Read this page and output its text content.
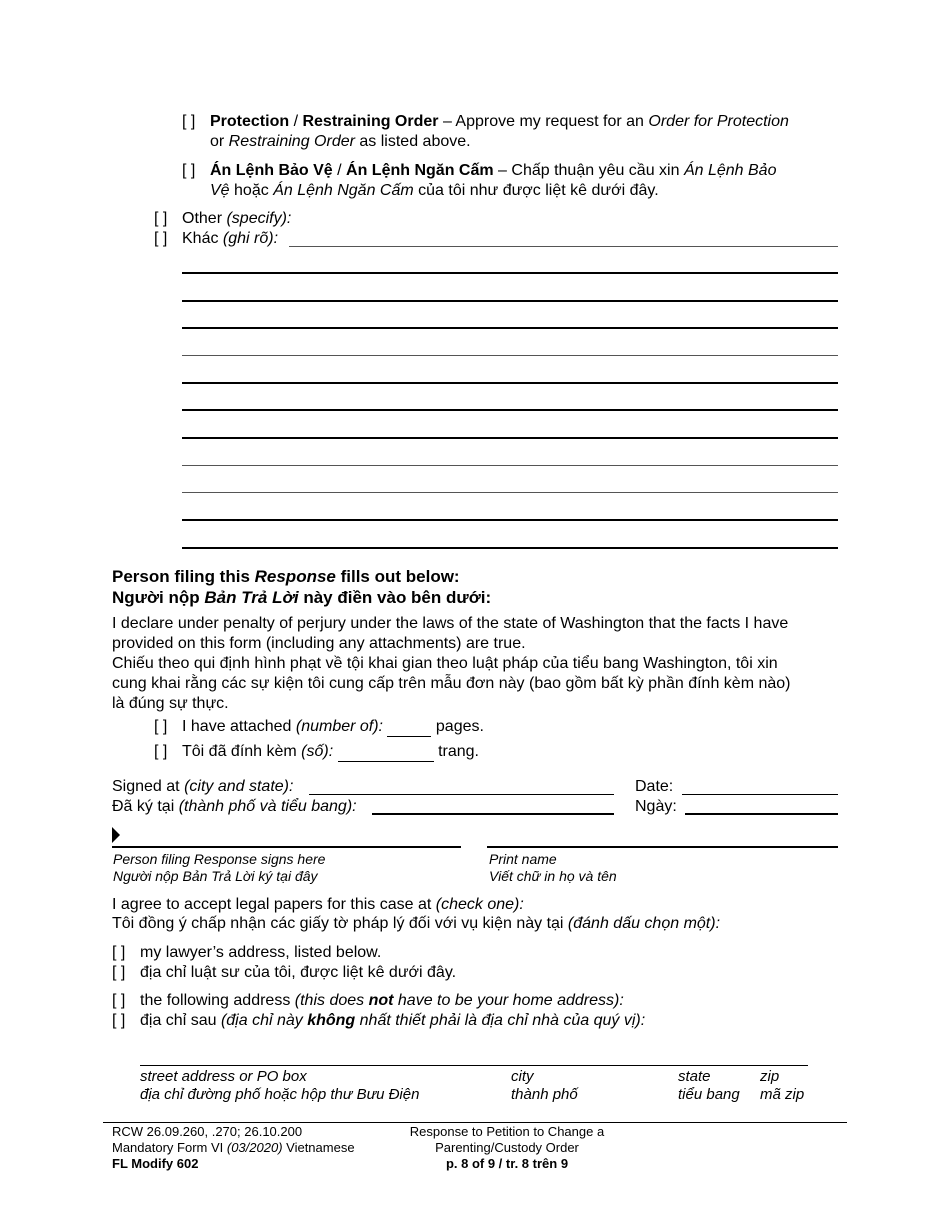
[ ] Protection / Restraining Order – Approve my request for an Order for Protection
or Restraining Order as listed above.
[ ] Án Lệnh Bảo Vệ / Án Lệnh Ngăn Cấm – Chấp thuận yêu cầu xin Án Lệnh Bảo
Vệ hoặc Án Lệnh Ngăn Cấm của tôi như được liệt kê dưới đây.
[ ] Other (specify):
[ ] Khác (ghi rõ):
Person filing this Response fills out below:
Người nộp Bản Trả Lời này điền vào bên dưới:
I declare under penalty of perjury under the laws of the state of Washington that the facts I have
provided on this form (including any attachments) are true.
Chiếu theo qui định hình phạt về tội khai gian theo luật pháp của tiểu bang Washington, tôi xin
cung khai rằng các sự kiện tôi cung cấp trên mẫu đơn này (bao gồm bất kỳ phần đính kèm nào)
là đúng sự thực.
[ ] I have attached (number of):	pages.
[ ] Tôi đã đính kèm (số):	trang.
Signed at (city and state):
Đã ký tại (thành phố và tiểu bang):
Date:
Ngày:
Person filing Response signs here
Người nộp Bản Trả Lời ký tại đây
Print name
Viết chữ in họ và tên
I agree to accept legal papers for this case at (check one):
Tôi đồng ý chấp nhận các giấy tờ pháp lý đối với vụ kiện này tại (đánh dấu chọn một):
[ ] my lawyer’s address, listed below.
[ ] địa chỉ luật sư của tôi, được liệt kê dưới đây.
[ ] the following address (this does not have to be your home address):
[ ] địa chỉ sau (địa chỉ này không nhất thiết phải là địa chỉ nhà của quý vị):
street address or PO box
địa chỉ đường phố hoặc hộp thư Bưu Điện
city
thành phố
state
tiểu bang
zip
mã zip
RCW 26.09.260, .270; 26.10.200
Mandatory Form VI (03/2020) Vietnamese
FL Modify 602
Response to Petition to Change a
Parenting/Custody Order
p. 8 of 9 / tr. 8 trên 9
